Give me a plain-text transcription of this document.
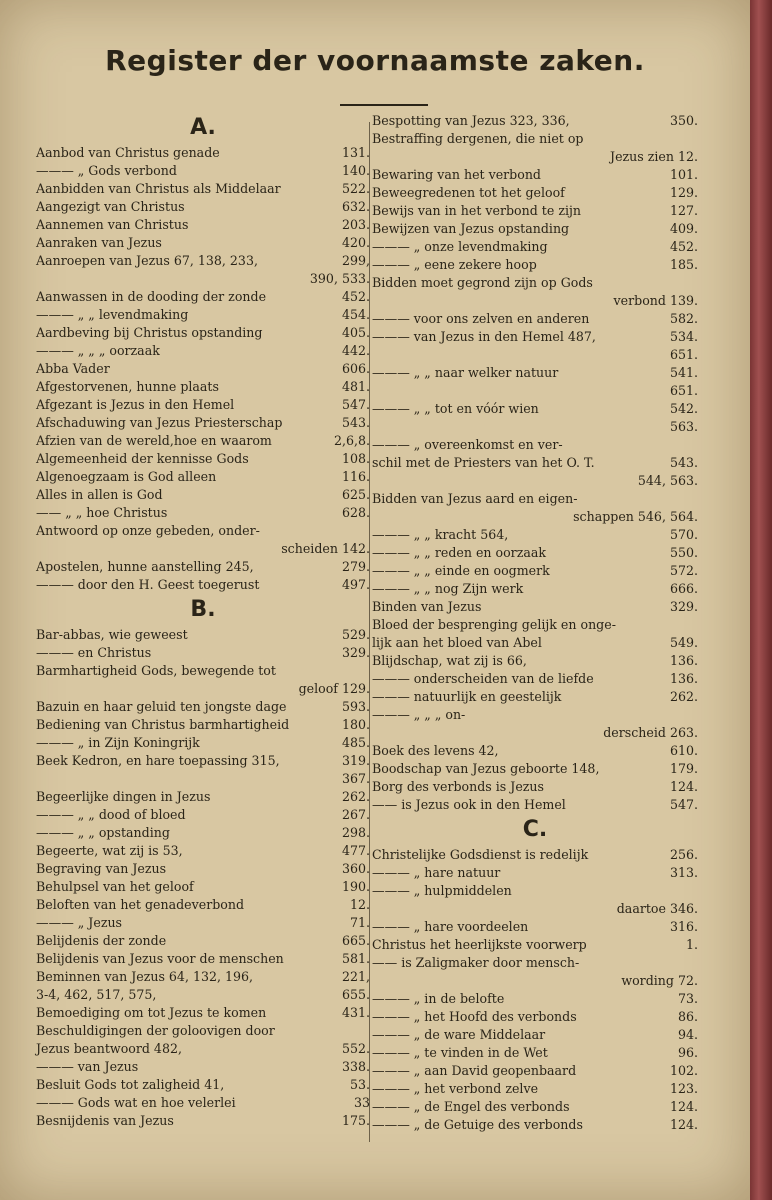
Register der voornaamste zaken.
A.
Aanbod van Christus genade	131.
——— „ Gods verbond	140.
Aanbidden van Christus als Middelaar	522.
Aangezigt van Christus	632.
Aannemen van Christus	203.
Aanraken van Jezus	420.
Aanroepen van Jezus 67, 138, 233,	299,
390, 533.
Aanwassen in de dooding der zonde	452.
——— „ „ levendmaking	454.
Aardbeving bij Christus opstanding	405.
——— „ „ „ oorzaak	442.
Abba Vader	606.
Afgestorvenen, hunne plaats	481.
Afgezant is Jezus in den Hemel	547.
Afschaduwing van Jezus Priesterschap	543.
Afzien van de wereld,hoe en waarom	2,6,8.
Algemeenheid der kennisse Gods	108.
Algenoegzaam is God alleen	116.
Alles in allen is God	625.
—— „ „ hoe Christus	628.
Antwoord op onze gebeden, onder-
scheiden 142.
Apostelen, hunne aanstelling 245,	279.
——— door den H. Geest toegerust	497.
B.
Bar-abbas, wie geweest	529.
——— en Christus	329.
Barmhartigheid Gods, bewegende tot
geloof 129.
Bazuin en haar geluid ten jongste dage	593.
Bediening van Christus barmhartigheid	180.
——— „ in Zijn Koningrijk	485.
Beek Kedron, en hare toepassing 315,	319.
367.
Begeerlijke dingen in Jezus	262.
——— „ „ dood of bloed	267.
——— „ „ opstanding	298.
Begeerte, wat zij is 53,	477.
Begraving van Jezus	360.
Behulpsel van het geloof	190.
Beloften van het genadeverbond	12.
——— „ Jezus	71.
Belijdenis der zonde	665.
Belijdenis van Jezus voor de menschen	581.
Beminnen van Jezus 64, 132, 196,	221,
3-4, 462, 517, 575,	655.
Bemoediging om tot Jezus te komen	431.
Beschuldigingen der goloovigen door
Jezus beantwoord 482,	552.
——— van Jezus	338.
Besluit Gods tot zaligheid 41,	53.
——— Gods wat en hoe velerlei	33
Besnijdenis van Jezus	175.
Bespotting van Jezus 323, 336,	350.
Bestraffing dergenen, die niet op
Jezus zien 12.
Bewaring van het verbond	101.
Beweegredenen tot het geloof	129.
Bewijs van in het verbond te zijn	127.
Bewijzen van Jezus opstanding	409.
——— „ onze levendmaking	452.
——— „ eene zekere hoop	185.
Bidden moet gegrond zijn op Gods
verbond 139.
——— voor ons zelven en anderen	582.
——— van Jezus in den Hemel 487,	534.
651.
——— „ „ naar welker natuur	541.
651.
——— „ „ tot en vóór wien	542.
563.
——— „ overeenkomst en ver-
schil met de Priesters van het O. T.	543.
544, 563.
Bidden van Jezus aard en eigen-
schappen 546, 564.
——— „ „ kracht 564,	570.
——— „ „ reden en oorzaak	550.
——— „ „ einde en oogmerk	572.
——— „ „ nog Zijn werk	666.
Binden van Jezus	329.
Bloed der besprenging gelijk en onge-
lijk aan het bloed van Abel	549.
Blijdschap, wat zij is 66,	136.
——— onderscheiden van de liefde	136.
——— natuurlijk en geestelijk	262.
——— „ „ „ on-
derscheid 263.
Boek des levens 42,	610.
Boodschap van Jezus geboorte 148,	179.
Borg des verbonds is Jezus	124.
—— is Jezus ook in den Hemel	547.
C.
Christelijke Godsdienst is redelijk	256.
——— „ hare natuur	313.
——— „ hulpmiddelen
daartoe 346.
——— „ hare voordeelen	316.
Christus het heerlijkste voorwerp	1.
—— is Zaligmaker door mensch-
wording 72.
——— „ in de belofte	73.
——— „ het Hoofd des verbonds	86.
——— „ de ware Middelaar	94.
——— „ te vinden in de Wet	96.
——— „ aan David geopenbaard	102.
——— „ het verbond zelve	123.
——— „ de Engel des verbonds	124.
——— „ de Getuige des verbonds	124.
